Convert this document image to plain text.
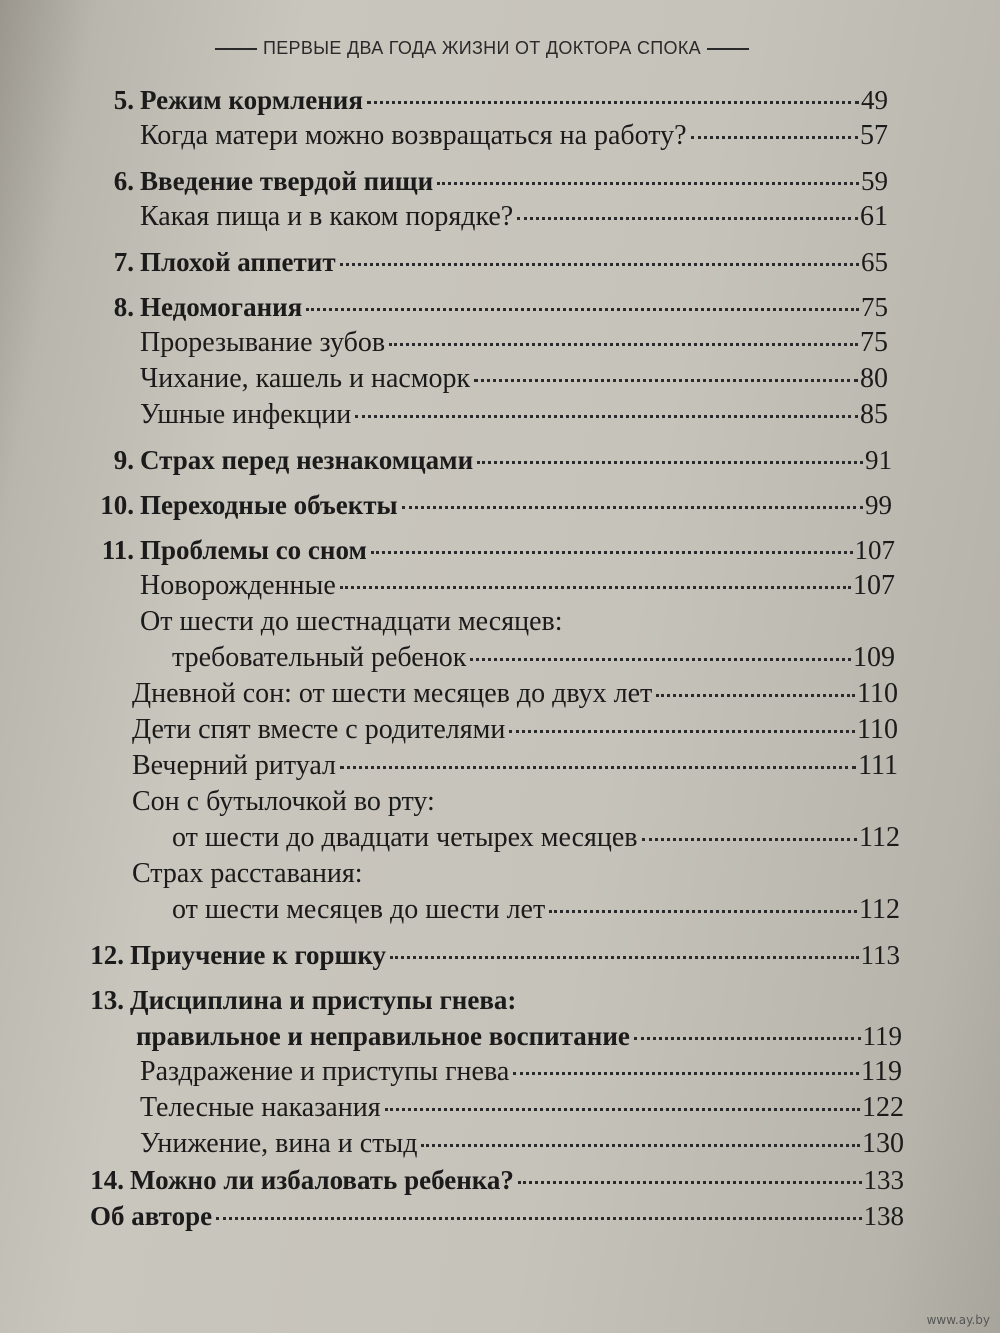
ПЕРВЫЕ ДВА ГОДА ЖИЗНИ ОТ ДОКТОРА СПОКА
5. Режим кормления	49
Когда матери можно возвращаться на работу?	57
6. Введение твердой пищи	59
Какая пища и в каком порядке?	61
7. Плохой аппетит	65
8. Недомогания	75
Прорезывание зубов	75
Чихание, кашель и насморк	80
Ушные инфекции	85
9. Страх перед незнакомцами	91
10. Переходные объекты	99
11. Проблемы со сном	107
Новорожденные	107
От шести до шестнадцати месяцев:
требовательный ребенок	109
Дневной сон: от шести месяцев до двух лет	110
Дети спят вместе с родителями	110
Вечерний ритуал	111
Сон с бутылочкой во рту:
от шести до двадцати четырех месяцев	112
Страх расставания:
от шести месяцев до шести лет	112
12. Приучение к горшку	113
13. Дисциплина и приступы гнева:
правильное и неправильное воспитание	119
Раздражение и приступы гнева	119
Телесные наказания	122
Унижение, вина и стыд	130
14. Можно ли избаловать ребенка?	133
Об авторе	138
www.ay.by
